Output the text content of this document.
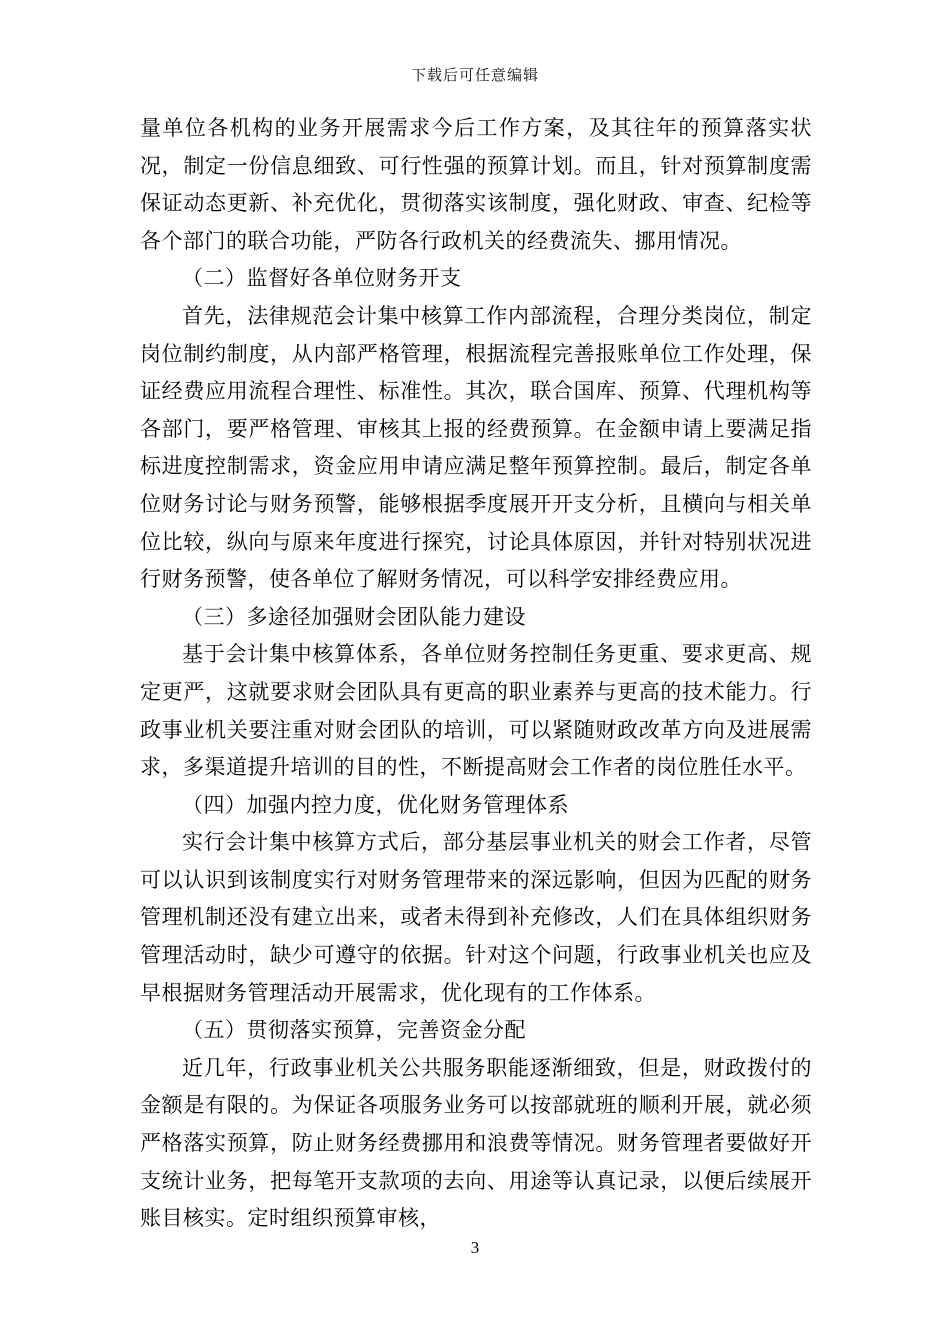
下载后可任意编辑

量单位各机构的业务开展需求今后工作方案，及其往年的预算落实状况，制定一份信息细致、可行性强的预算计划。而且，针对预算制度需保证动态更新、补充优化，贯彻落实该制度，强化财政、审查、纪检等各个部门的联合功能，严防各行政机关的经费流失、挪用情况。

（二）监督好各单位财务开支

首先，法律规范会计集中核算工作内部流程，合理分类岗位，制定岗位制约制度，从内部严格管理，根据流程完善报账单位工作处理，保证经费应用流程合理性、标准性。其次，联合国库、预算、代理机构等各部门，要严格管理、审核其上报的经费预算。在金额申请上要满足指标进度控制需求，资金应用申请应满足整年预算控制。最后，制定各单位财务讨论与财务预警，能够根据季度展开开支分析，且横向与相关单位比较，纵向与原来年度进行探究，讨论具体原因，并针对特别状况进行财务预警，使各单位了解财务情况，可以科学安排经费应用。

（三）多途径加强财会团队能力建设

基于会计集中核算体系，各单位财务控制任务更重、要求更高、规定更严，这就要求财会团队具有更高的职业素养与更高的技术能力。行政事业机关要注重对财会团队的培训，可以紧随财政改革方向及进展需求，多渠道提升培训的目的性，不断提高财会工作者的岗位胜任水平。

（四）加强内控力度，优化财务管理体系

实行会计集中核算方式后，部分基层事业机关的财会工作者，尽管可以认识到该制度实行对财务管理带来的深远影响，但因为匹配的财务管理机制还没有建立出来，或者未得到补充修改，人们在具体组织财务管理活动时，缺少可遵守的依据。针对这个问题，行政事业机关也应及早根据财务管理活动开展需求，优化现有的工作体系。

（五）贯彻落实预算，完善资金分配

近几年，行政事业机关公共服务职能逐渐细致，但是，财政拨付的金额是有限的。为保证各项服务业务可以按部就班的顺利开展，就必须严格落实预算，防止财务经费挪用和浪费等情况。财务管理者要做好开支统计业务，把每笔开支款项的去向、用途等认真记录，以便后续展开账目核实。定时组织预算审核，

3
